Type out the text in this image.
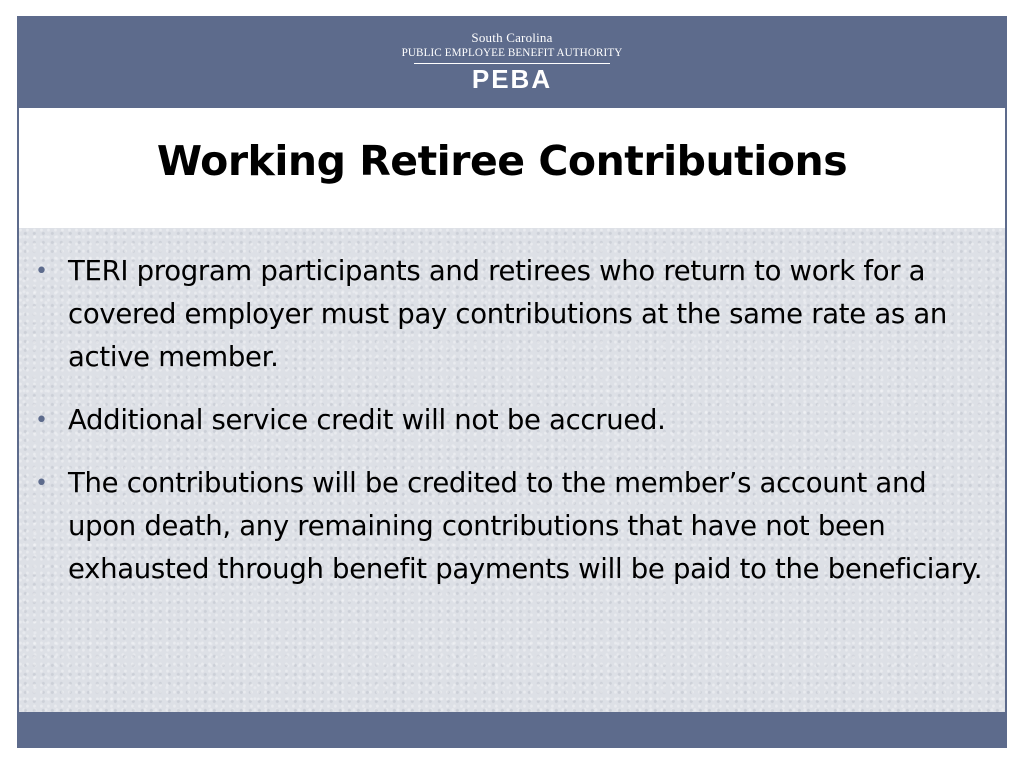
South Carolina
PUBLIC EMPLOYEE BENEFIT AUTHORITY
PEBA
Working Retiree Contributions
• TERI program participants and retirees who return to work for a covered employer must pay contributions at the same rate as an active member.
• Additional service credit will not be accrued.
• The contributions will be credited to the member’s account and upon death, any remaining contributions that have not been exhausted through benefit payments will be paid to the beneficiary.
